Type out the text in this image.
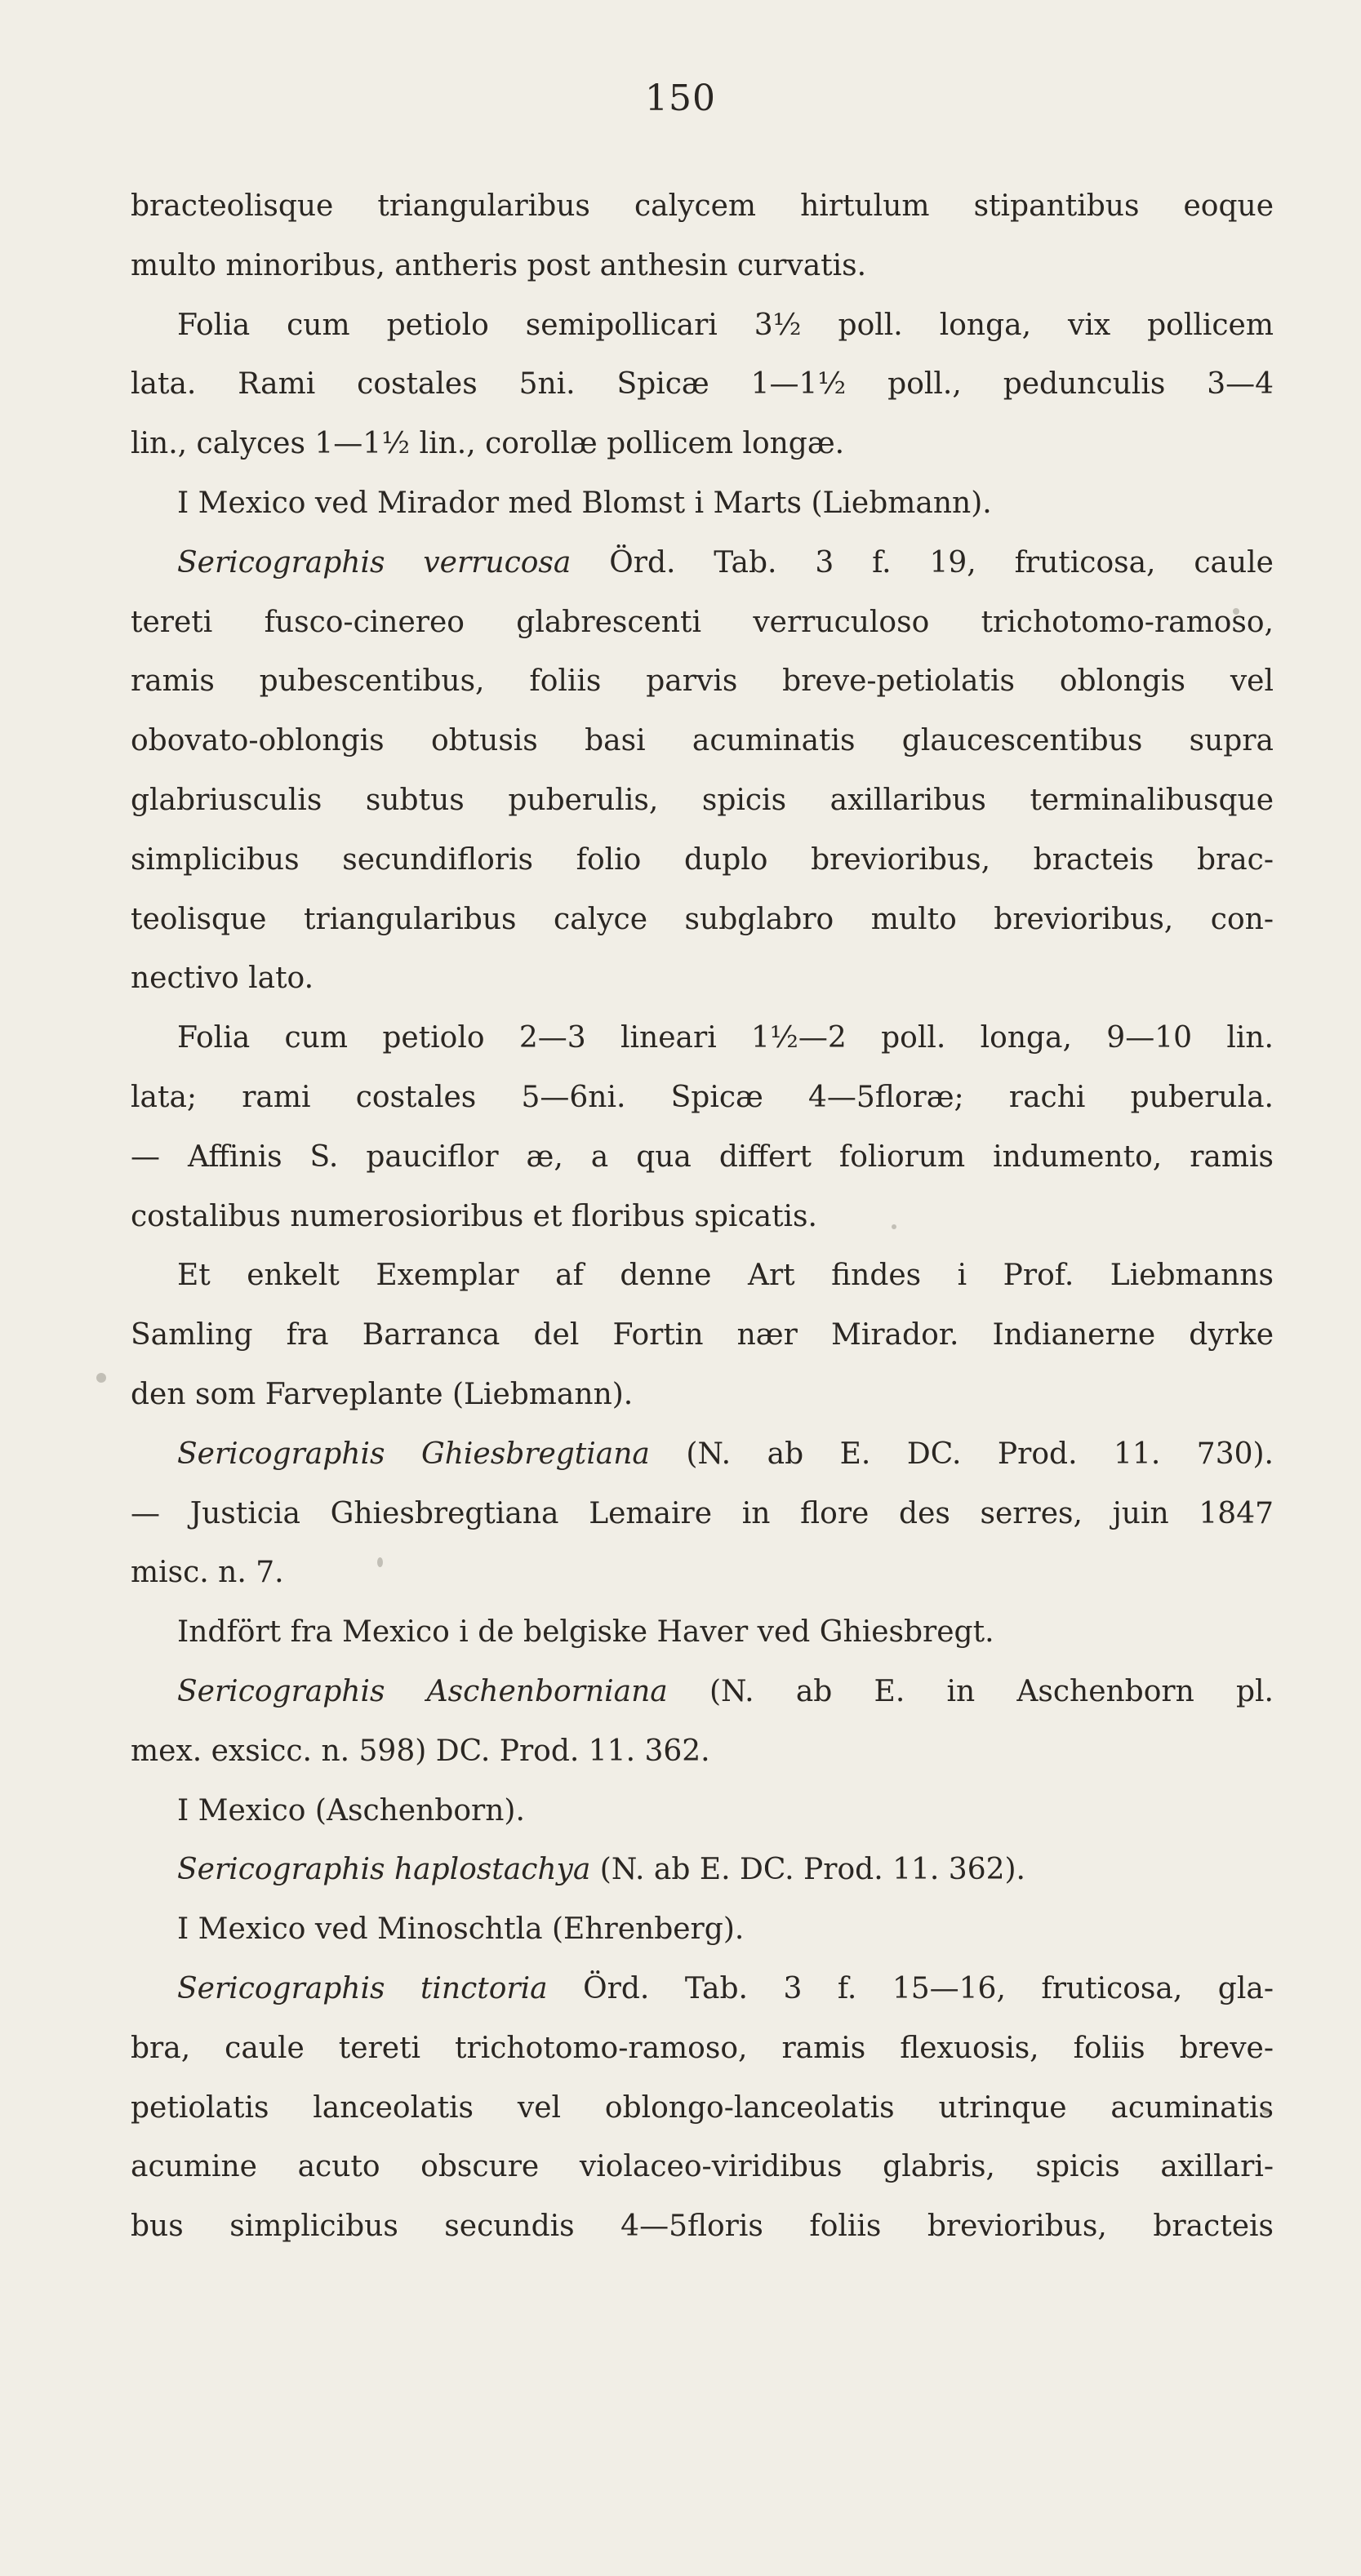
150
bracteolisque triangularibus calycem hirtulum stipantibus eoque
multo minoribus, antheris post anthesin curvatis.
Folia cum petiolo semipollicari 3½ poll. longa, vix pollicem
lata. Rami costales 5ni. Spicæ 1—1½ poll., pedunculis 3—4
lin., calyces 1—1½ lin., corollæ pollicem longæ.
I Mexico ved Mirador med Blomst i Marts (Liebmann).
Sericographis verrucosa Örd. Tab. 3 f. 19, fruticosa, caule
tereti fusco-cinereo glabrescenti verruculoso trichotomo-ramoso,
ramis pubescentibus, foliis parvis breve-petiolatis oblongis vel
obovato-oblongis obtusis basi acuminatis glaucescentibus supra
glabriusculis subtus puberulis, spicis axillaribus terminalibusque
simplicibus secundifloris folio duplo brevioribus, bracteis brac-
teolisque triangularibus calyce subglabro multo brevioribus, con-
nectivo lato.
Folia cum petiolo 2—3 lineari 1½—2 poll. longa, 9—10 lin.
lata; rami costales 5—6ni. Spicæ 4—5floræ; rachi puberula.
— Affinis S. pauciflor æ, a qua differt foliorum indumento, ramis
costalibus numerosioribus et floribus spicatis.
Et enkelt Exemplar af denne Art findes i Prof. Liebmanns
Samling fra Barranca del Fortin nær Mirador. Indianerne dyrke
den som Farveplante (Liebmann).
Sericographis Ghiesbregtiana (N. ab E. DC. Prod. 11. 730).
— Justicia Ghiesbregtiana Lemaire in flore des serres, juin 1847
misc. n. 7.
Indfört fra Mexico i de belgiske Haver ved Ghiesbregt.
Sericographis Aschenborniana (N. ab E. in Aschenborn pl.
mex. exsicc. n. 598) DC. Prod. 11. 362.
I Mexico (Aschenborn).
Sericographis haplostachya (N. ab E. DC. Prod. 11. 362).
I Mexico ved Minoschtla (Ehrenberg).
Sericographis tinctoria Örd. Tab. 3 f. 15—16, fruticosa, gla-
bra, caule tereti trichotomo-ramoso, ramis flexuosis, foliis breve-
petiolatis lanceolatis vel oblongo-lanceolatis utrinque acuminatis
acumine acuto obscure violaceo-viridibus glabris, spicis axillari-
bus simplicibus secundis 4—5floris foliis brevioribus, bracteis
